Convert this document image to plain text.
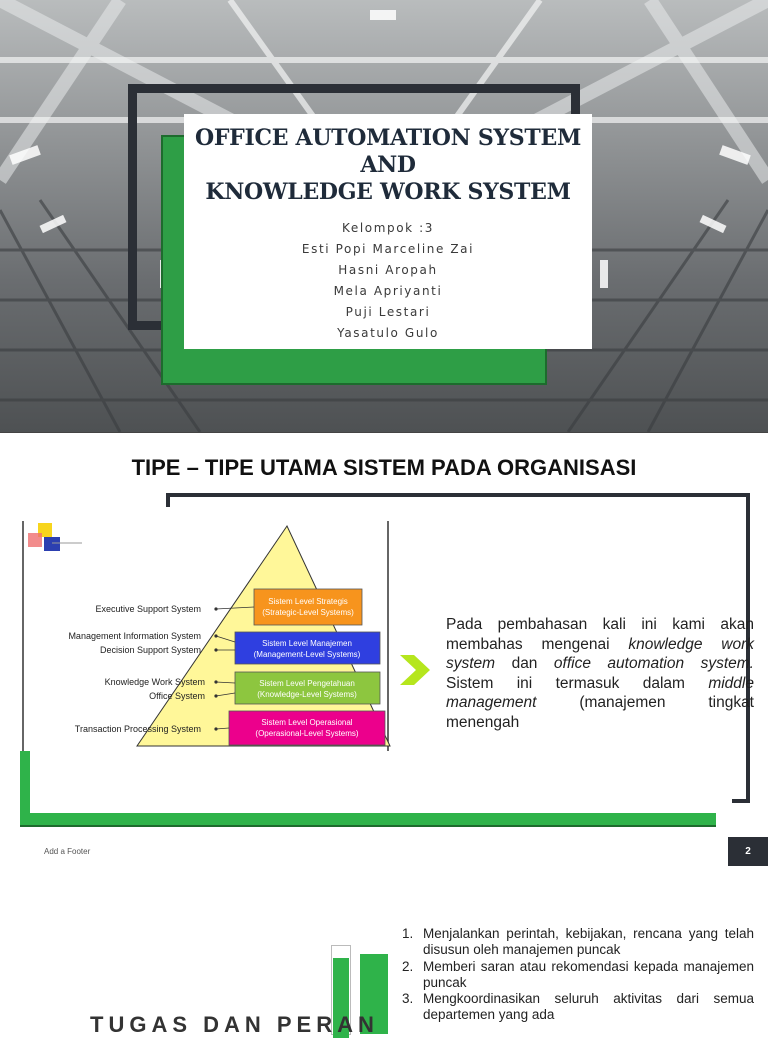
OFFICE AUTOMATION SYSTEM
AND
KNOWLEDGE WORK SYSTEM
Kelompok :3
Esti Popi Marceline Zai
Hasni Aropah
Mela Apriyanti
Puji Lestari
Yasatulo Gulo
TIPE – TIPE UTAMA SISTEM PADA ORGANISASI
Sistem Level Strategis
(Strategic-Level Systems)
Sistem Level Manajemen
(Management-Level Systems)
Sistem Level Pengetahuan
(Knowledge-Level Systems)
Sistem Level Operasional
(Operasional-Level Systems)
Executive Support System
Management Information System
Decision Support System
Knowledge Work System
Office System
Transaction Processing System
Pada pembahasan kali ini kami akan membahas mengenai knowledge work system dan office automation system. Sistem ini termasuk dalam middle management (manajemen tingkat menengah
Add a Footer	2
TUGAS DAN PERAN
1. Menjalankan perintah, kebijakan, rencana yang telah disusun oleh manajemen puncak
2. Memberi saran atau rekomendasi kepada manajemen puncak
3. Mengkoordinasikan seluruh aktivitas dari semua departemen yang ada
